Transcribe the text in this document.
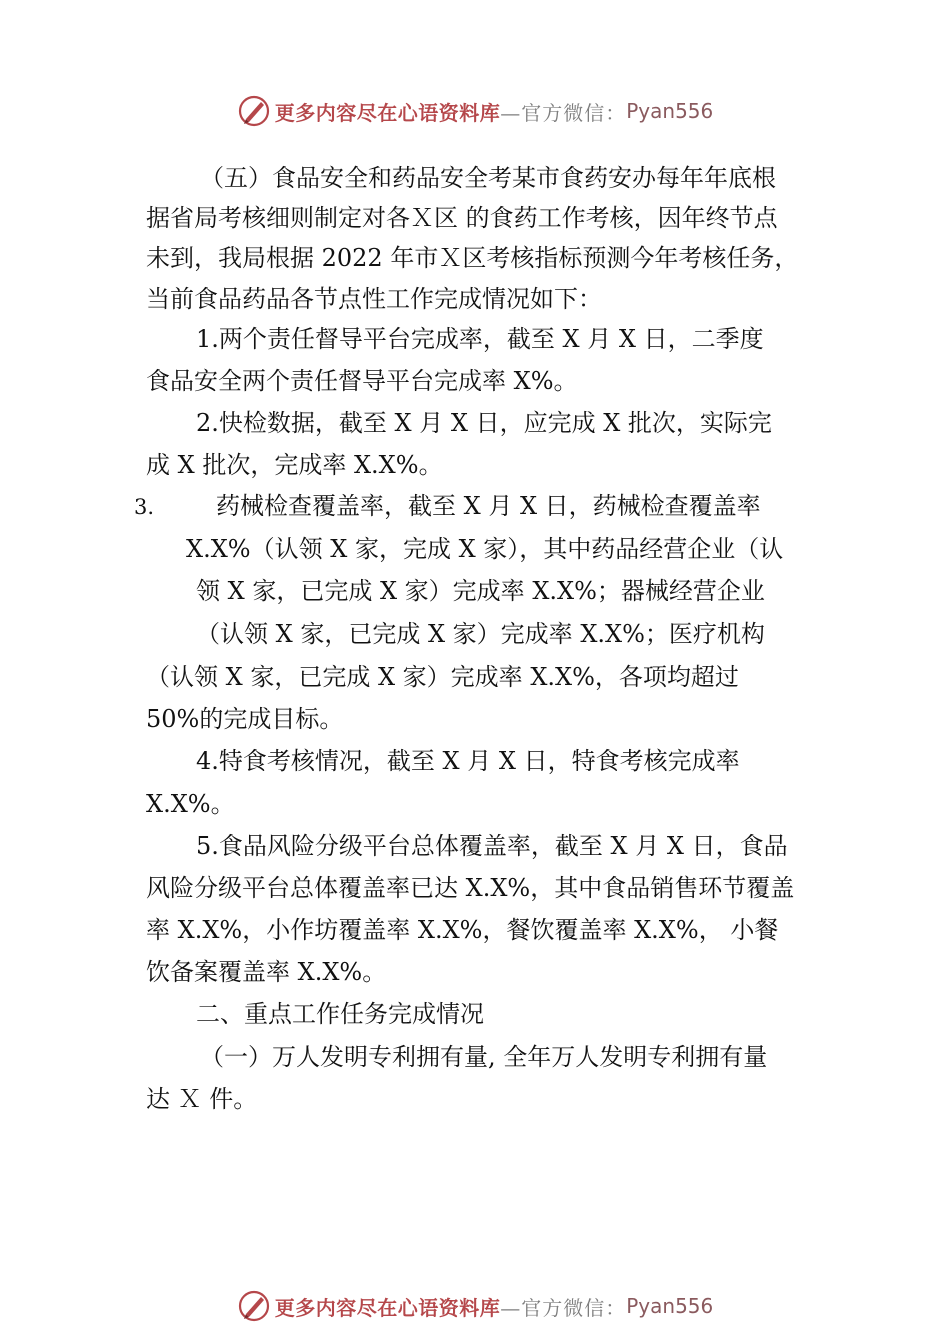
更多内容尽在心语资料库 —官方微信： Pyan556
（五）食品安全和药品安全考某市食药安办每年年底根
据省局考核细则制定对各Ｘ区 的食药工作考核，因年终节点
未到，我局根据 2022 年市Ｘ区考核指标预测今年考核任务，
当前食品药品各节点性工作完成情况如下：
1.两个责任督导平台完成率，截至 X 月 X 日，二季度
食品安全两个责任督导平台完成率 X%。
2.快检数据，截至 X 月 X 日，应完成 X 批次，实际完
成 X 批次，完成率 X.X%。
3.	药械检查覆盖率，截至 X 月 X 日，药械检查覆盖率
X.X%（认领 X 家，完成 X 家），其中药品经营企业（认
领 X 家，已完成 X 家）完成率 X.X%；器械经营企业
（认领 X 家，已完成 X 家）完成率 X.X%；医疗机构
（认领 X 家，已完成 X 家）完成率 X.X%，各项均超过
50%的完成目标。
4.特食考核情况，截至 X 月 X 日，特食考核完成率
X.X%。
5.食品风险分级平台总体覆盖率，截至 X 月 X 日，食品
风险分级平台总体覆盖率已达 X.X%，其中食品销售环节覆盖
率 X.X%，小作坊覆盖率 X.X%，餐饮覆盖率 X.X%， 小餐
饮备案覆盖率 X.X%。
二、重点工作任务完成情况
（一）万人发明专利拥有量, 全年万人发明专利拥有量
达 Ｘ 件。
更多内容尽在心语资料库 —官方微信： Pyan556
